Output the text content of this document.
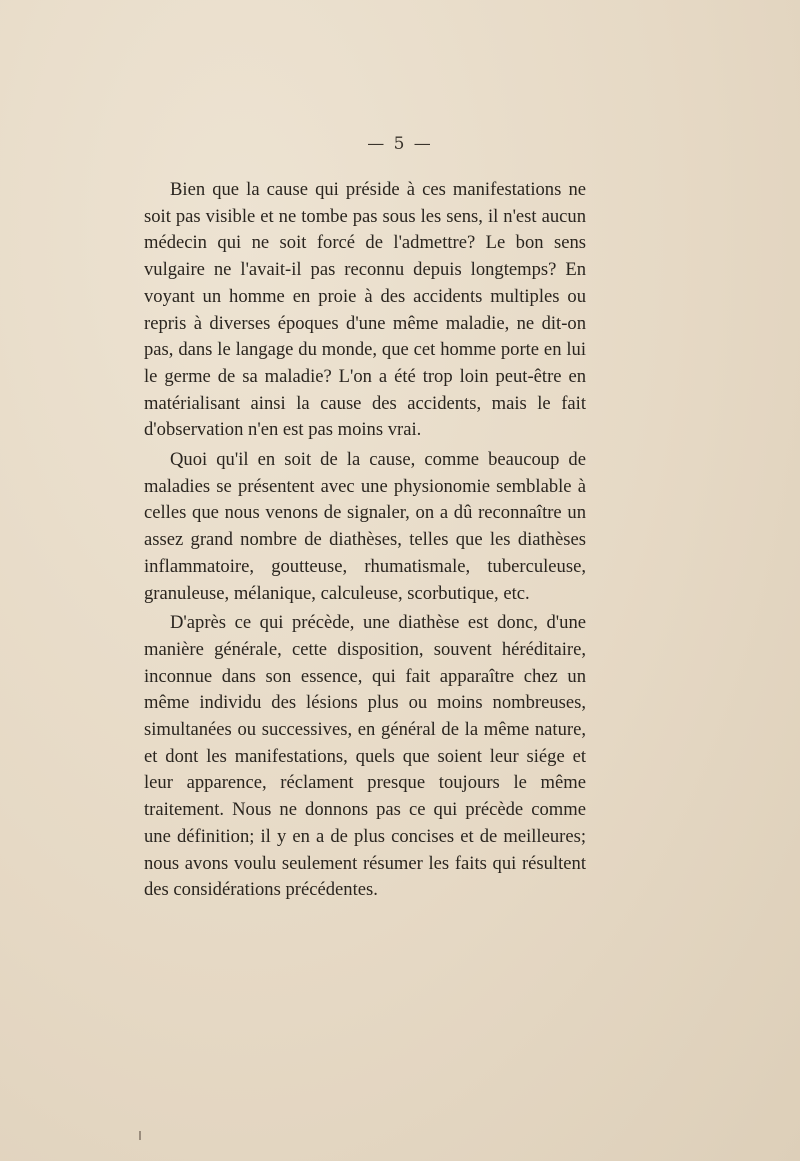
— 5 —

Bien que la cause qui préside à ces manifestations ne soit pas visible et ne tombe pas sous les sens, il n'est aucun médecin qui ne soit forcé de l'admettre? Le bon sens vulgaire ne l'avait-il pas reconnu depuis longtemps? En voyant un homme en proie à des accidents multiples ou repris à diverses époques d'une même maladie, ne dit-on pas, dans le langage du monde, que cet homme porte en lui le germe de sa maladie? L'on a été trop loin peut-être en matérialisant ainsi la cause des accidents, mais le fait d'observation n'en est pas moins vrai.

Quoi qu'il en soit de la cause, comme beaucoup de maladies se présentent avec une physionomie semblable à celles que nous venons de signaler, on a dû reconnaître un assez grand nombre de diathèses, telles que les diathèses inflammatoire, goutteuse, rhumatismale, tuberculeuse, granuleuse, mélanique, calculeuse, scorbutique, etc.

D'après ce qui précède, une diathèse est donc, d'une manière générale, cette disposition, souvent héréditaire, inconnue dans son essence, qui fait apparaître chez un même individu des lésions plus ou moins nombreuses, simultanées ou successives, en général de la même nature, et dont les manifestations, quels que soient leur siége et leur apparence, réclament presque toujours le même traitement. Nous ne donnons pas ce qui précède comme une définition; il y en a de plus concises et de meilleures; nous avons voulu seulement résumer les faits qui résultent des considérations précédentes.
